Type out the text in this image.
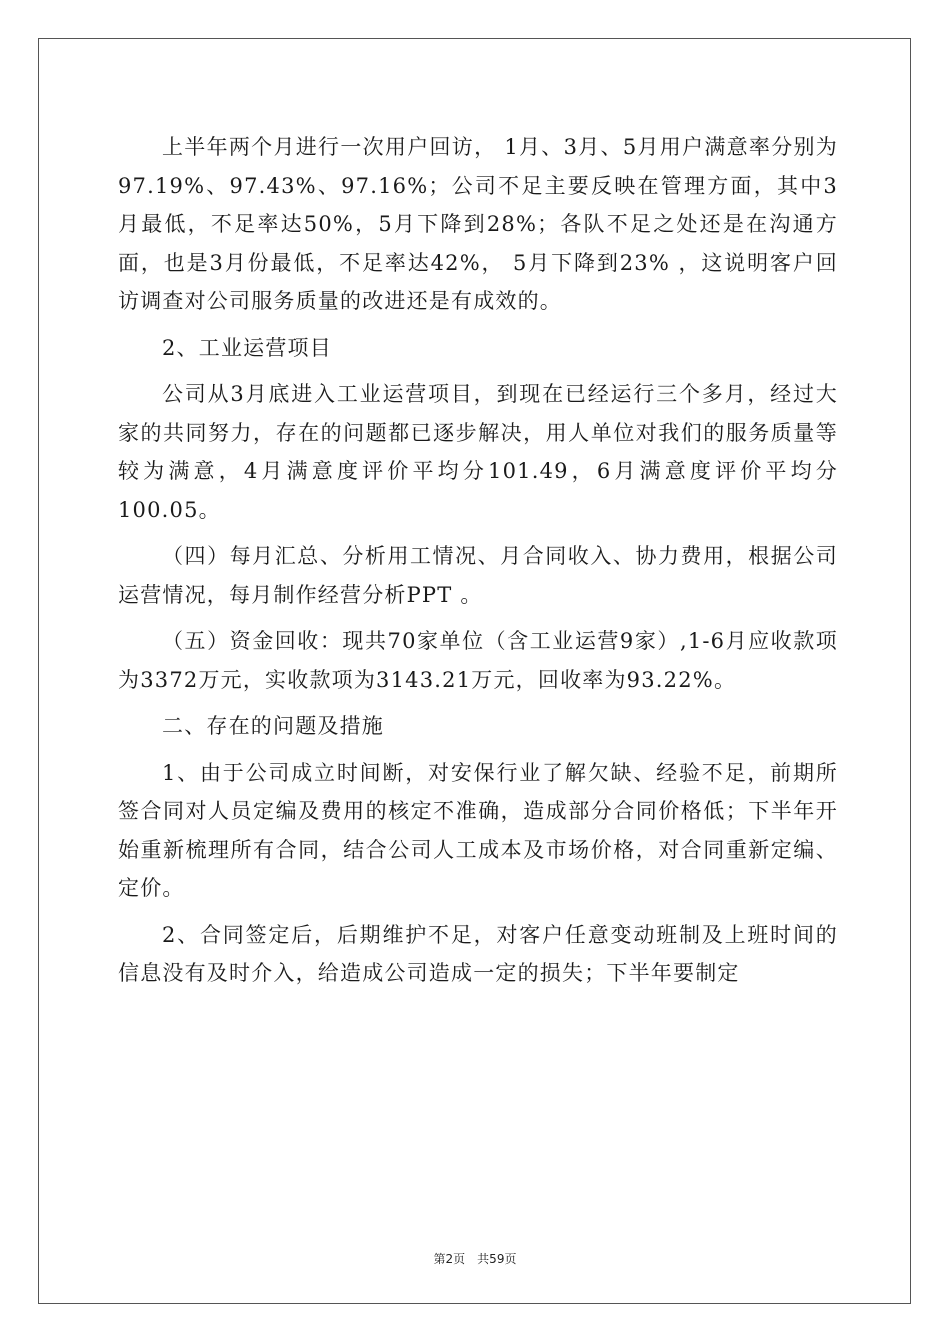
上半年两个月进行一次用户回访， 1月、3月、5月用户满意率分别为97.19%、97.43%、97.16%；公司不足主要反映在管理方面，其中3月最低，不足率达50%，5月下降到28%；各队不足之处还是在沟通方面，也是3月份最低，不足率达42%， 5月下降到23% ，这说明客户回访调查对公司服务质量的改进还是有成效的。

2、工业运营项目

公司从3月底进入工业运营项目，到现在已经运行三个多月，经过大家的共同努力，存在的问题都已逐步解决，用人单位对我们的服务质量等较为满意，4月满意度评价平均分101.49，6月满意度评价平均分100.05。

（四）每月汇总、分析用工情况、月合同收入、协力费用，根据公司运营情况，每月制作经营分析PPT 。

（五）资金回收：现共70家单位（含工业运营9家）,1-6月应收款项为3372万元，实收款项为3143.21万元，回收率为93.22%。

二、存在的问题及措施

1、由于公司成立时间断，对安保行业了解欠缺、经验不足，前期所签合同对人员定编及费用的核定不准确，造成部分合同价格低；下半年开始重新梳理所有合同，结合公司人工成本及市场价格，对合同重新定编、定价。

2、合同签定后，后期维护不足，对客户任意变动班制及上班时间的信息没有及时介入，给造成公司造成一定的损失；下半年要制定

第2页　共59页
